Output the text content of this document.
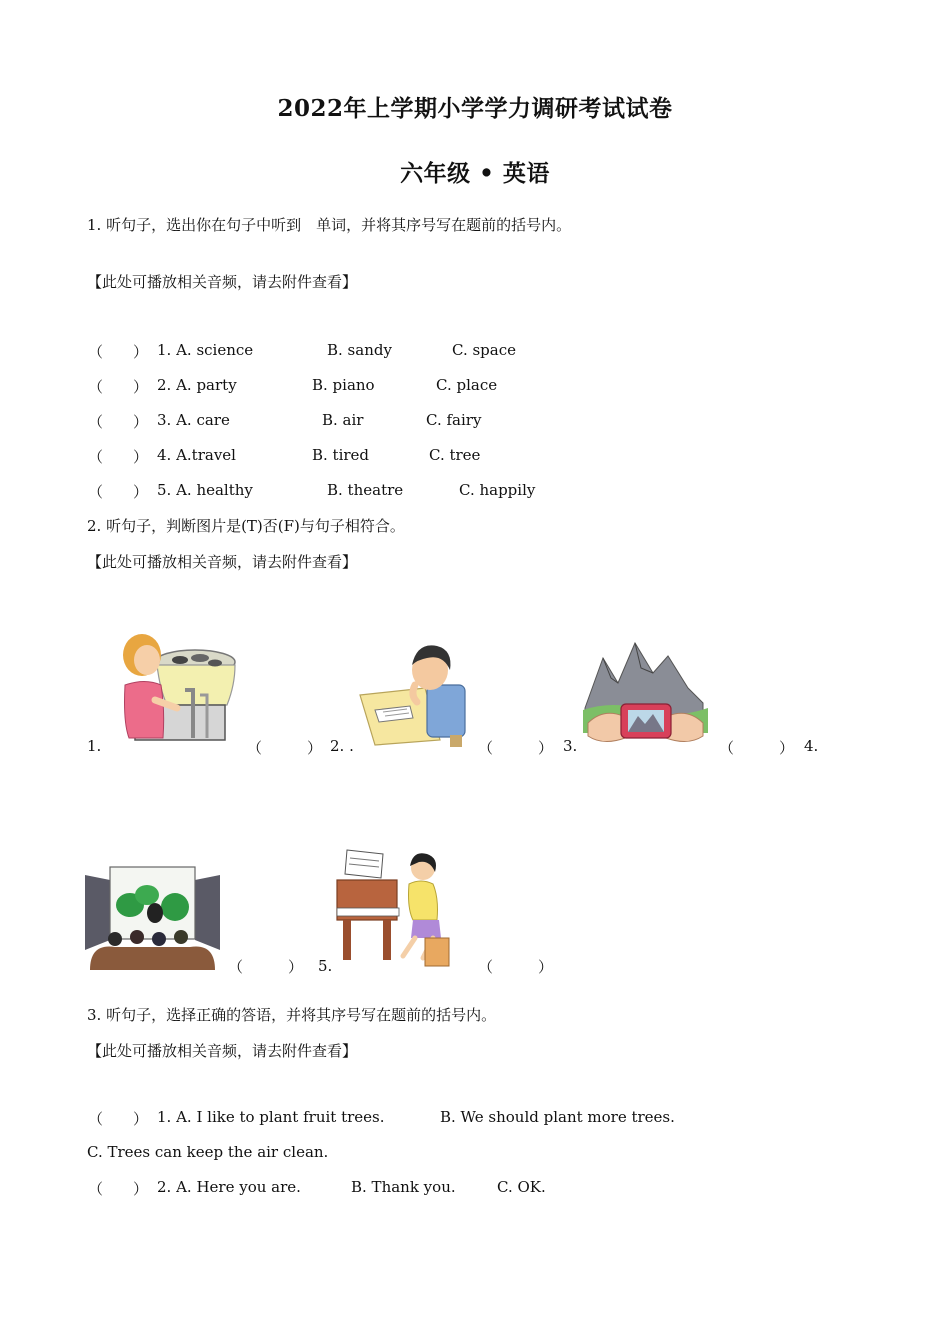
2022年上学期小学学力调研考试试卷
六年级 • 英语
1. 听句子，选出你在句子中听到　单词，并将其序号写在题前的括号内。
【此处可播放相关音频，请去附件查看】
（　　） 1. A. science	B. sandy	C. space
（　　） 2. A. party	B. piano	C. place
（　　） 3. A. care	B. air	C. fairy
（　　） 4. A.travel	B. tired	C. tree
（　　） 5. A. healthy	B. theatre	C. happily
2. 听句子，判断图片是(T)否(F)与句子相符合。
【此处可播放相关音频，请去附件查看】
1.	（　　　） 2. .	（　　　） 3.	（　　　） 4.
（　　　） 5.	（　　　）
3. 听句子，选择正确的答语，并将其序号写在题前的括号内。
【此处可播放相关音频，请去附件查看】
（　　） 1. A. I like to plant fruit trees.	B. We should plant more trees.
C. Trees can keep the air clean.
（　　） 2. A. Here you are.	B. Thank you.	C. OK.
